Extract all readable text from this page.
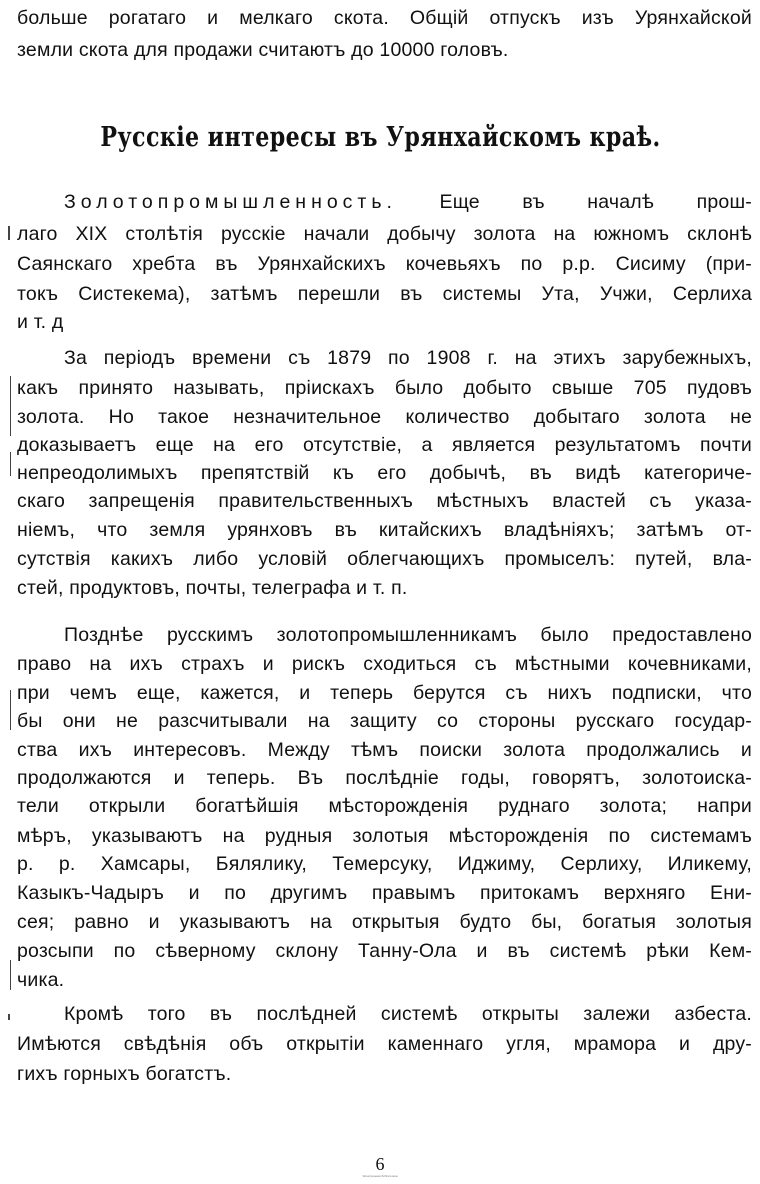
больше рогатаго и мелкаго скота. Общій отпускъ изъ Урянхайской
земли скота для продажи считаютъ до 10000 головъ.
Русскіе интересы въ Урянхайскомъ краѣ.
Золотопромышленность. Еще въ началѣ прош-
лаго XIX столѣтія русскіе начали добычу золота на южномъ склонѣ
Саянскаго хребта въ Урянхайскихъ кочевьяхъ по р.р. Сисиму (при-
токъ Систекема), затѣмъ перешли въ системы Ута, Учжи, Серлиха
и т. д
За періодъ времени съ 1879 по 1908 г. на этихъ зарубежныхъ,
какъ принято называть, пріискахъ было добыто свыше 705 пудовъ
золота. Но такое незначительное количество добытаго золота не
доказываетъ еще на его отсутствіе, а является результатомъ почти
непреодолимыхъ препятствій къ его добычѣ, въ видѣ категориче-
скаго запрещенія правительственныхъ мѣстныхъ властей съ указа-
ніемъ, что земля урянховъ въ китайскихъ владѣніяхъ; затѣмъ от-
сутствія какихъ либо условій облегчающихъ промыселъ: путей, вла-
стей, продуктовъ, почты, телеграфа и т. п.
Позднѣе русскимъ золотопромышленникамъ было предоставлено
право на ихъ страхъ и рискъ сходиться съ мѣстными кочевниками,
при чемъ еще, кажется, и теперь берутся съ нихъ подписки, что
бы они не разсчитывали на защиту со стороны русскаго государ-
ства ихъ интересовъ. Между тѣмъ поиски золота продолжались и
продолжаются и теперь. Въ послѣдніе годы, говорятъ, золотоиска-
тели открыли богатѣйшія мѣсторожденія руднаго золота; напри
мѣръ, указываютъ на рудныя золотыя мѣсторожденія по системамъ
р. р. Хамсары, Бялялику, Темерсуку, Иджиму, Серлиху, Иликему,
Казыкъ-Чадыръ и по другимъ правымъ притокамъ верхняго Ени-
сея; равно и указываютъ на открытыя будто бы, богатыя золотыя
розсыпи по сѣверному склону Танну-Ола и въ системѣ рѣки Кем-
чика.
Кромѣ того въ послѣдней системѣ открыты залежи азбеста.
Имѣются свѣдѣнія объ открытіи каменнаго угля, мрамора и дру-
гихъ горныхъ богатстъ.
6
Электронная библиотека
